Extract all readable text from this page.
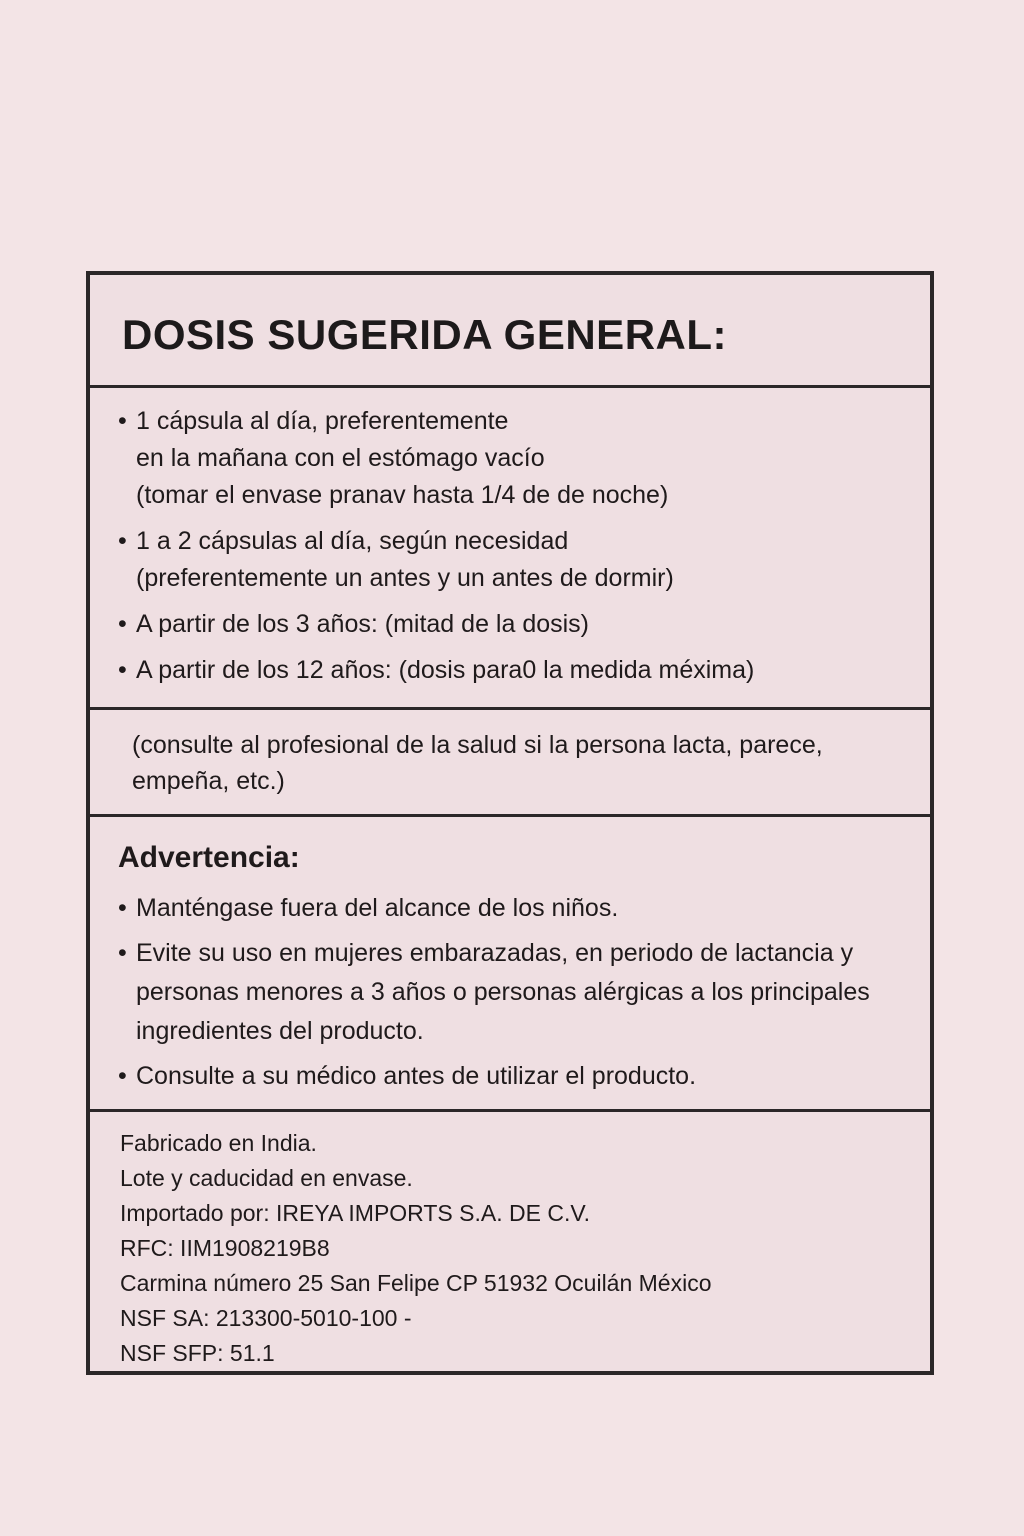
DOSIS SUGERIDA GENERAL:
• 1 cápsula al día, preferentemente
en la mañana con el estómago vacío
(tomar el envase pranav hasta 1/4 de de noche)
• 1 a 2 cápsulas al día, según necesidad
(preferentemente un antes y un antes de dormir)
• A partir de los 3 años: (mitad de la dosis)
• A partir de los 12 años: (dosis para0 la medida méxima)
(consulte al profesional de la salud si la persona lacta, parece, empeña, etc.)
Advertencia:
• Manténgase fuera del alcance de los niños.
• Evite su uso en mujeres embarazadas, en periodo de lactancia y
personas menores a 3 años o personas alérgicas a los principales
ingredientes del producto.
• Consulte a su médico antes de utilizar el producto.
Fabricado en India.
Lote y caducidad en envase.
Importado por: IREYA IMPORTS S.A. DE C.V.
RFC: IIM1908219B8
Carmina número 25 San Felipe CP 51932 Ocuilán México
NSF SA: 213300-5010-100 -
NSF SFP: 51.1
